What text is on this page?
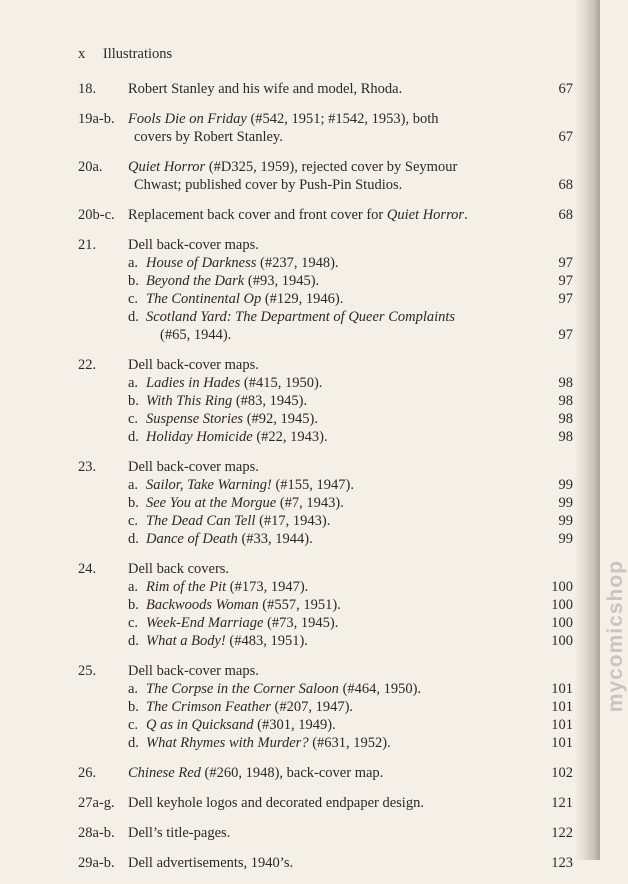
x Illustrations
18. Robert Stanley and his wife and model, Rhoda.	67
19a-b. Fools Die on Friday (#542, 1951; #1542, 1953), both
covers by Robert Stanley.	67
20a. Quiet Horror (#D325, 1959), rejected cover by Seymour
Chwast; published cover by Push-Pin Studios.	68
20b-c. Replacement back cover and front cover for Quiet Horror.	68
21. Dell back-cover maps.
a. House of Darkness (#237, 1948).	97
b. Beyond the Dark (#93, 1945).	97
c. The Continental Op (#129, 1946).	97
d. Scotland Yard: The Department of Queer Complaints
(#65, 1944).	97
22. Dell back-cover maps.
a. Ladies in Hades (#415, 1950).	98
b. With This Ring (#83, 1945).	98
c. Suspense Stories (#92, 1945).	98
d. Holiday Homicide (#22, 1943).	98
23. Dell back-cover maps.
a. Sailor, Take Warning! (#155, 1947).	99
b. See You at the Morgue (#7, 1943).	99
c. The Dead Can Tell (#17, 1943).	99
d. Dance of Death (#33, 1944).	99
24. Dell back covers.
a. Rim of the Pit (#173, 1947).	100
b. Backwoods Woman (#557, 1951).	100
c. Week-End Marriage (#73, 1945).	100
d. What a Body! (#483, 1951).	100
25. Dell back-cover maps.
a. The Corpse in the Corner Saloon (#464, 1950).	101
b. The Crimson Feather (#207, 1947).	101
c. Q as in Quicksand (#301, 1949).	101
d. What Rhymes with Murder? (#631, 1952).	101
26. Chinese Red (#260, 1948), back-cover map.	102
27a-g. Dell keyhole logos and decorated endpaper design.	121
28a-b. Dell’s title-pages.	122
29a-b. Dell advertisements, 1940’s.	123
mycomicshop
